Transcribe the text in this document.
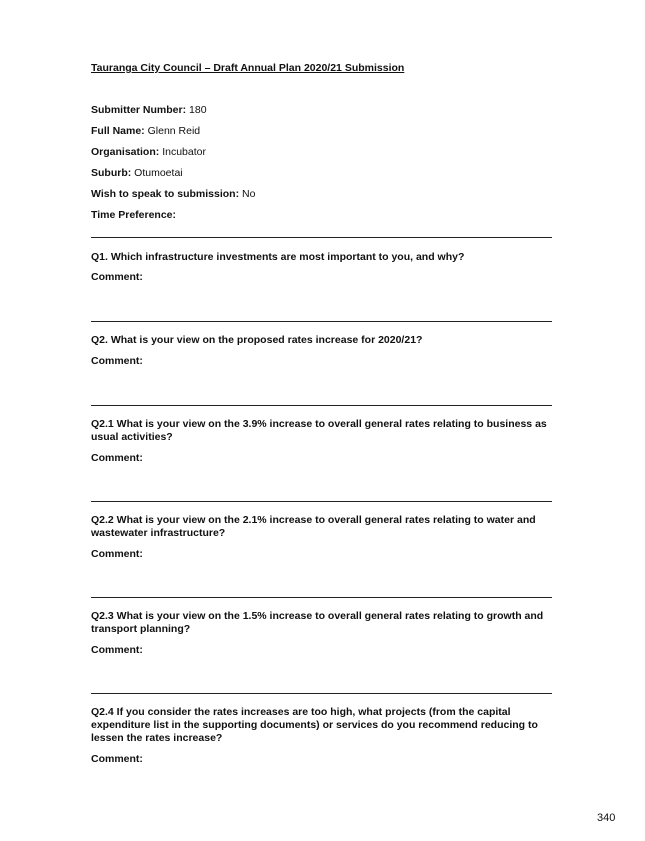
Tauranga City Council – Draft Annual Plan 2020/21 Submission
Submitter Number: 180
Full Name: Glenn Reid
Organisation: Incubator
Suburb: Otumoetai
Wish to speak to submission: No
Time Preference:
Q1. Which infrastructure investments are most important to you, and why?
Comment:
Q2. What is your view on the proposed rates increase for 2020/21?
Comment:
Q2.1 What is your view on the 3.9% increase to overall general rates relating to business as usual activities?
Comment:
Q2.2 What is your view on the 2.1% increase to overall general rates relating to water and wastewater infrastructure?
Comment:
Q2.3 What is your view on the 1.5% increase to overall general rates relating to growth and transport planning?
Comment:
Q2.4 If you consider the rates increases are too high, what projects (from the capital expenditure list in the supporting documents) or services do you recommend reducing to lessen the rates increase?
Comment:
340
